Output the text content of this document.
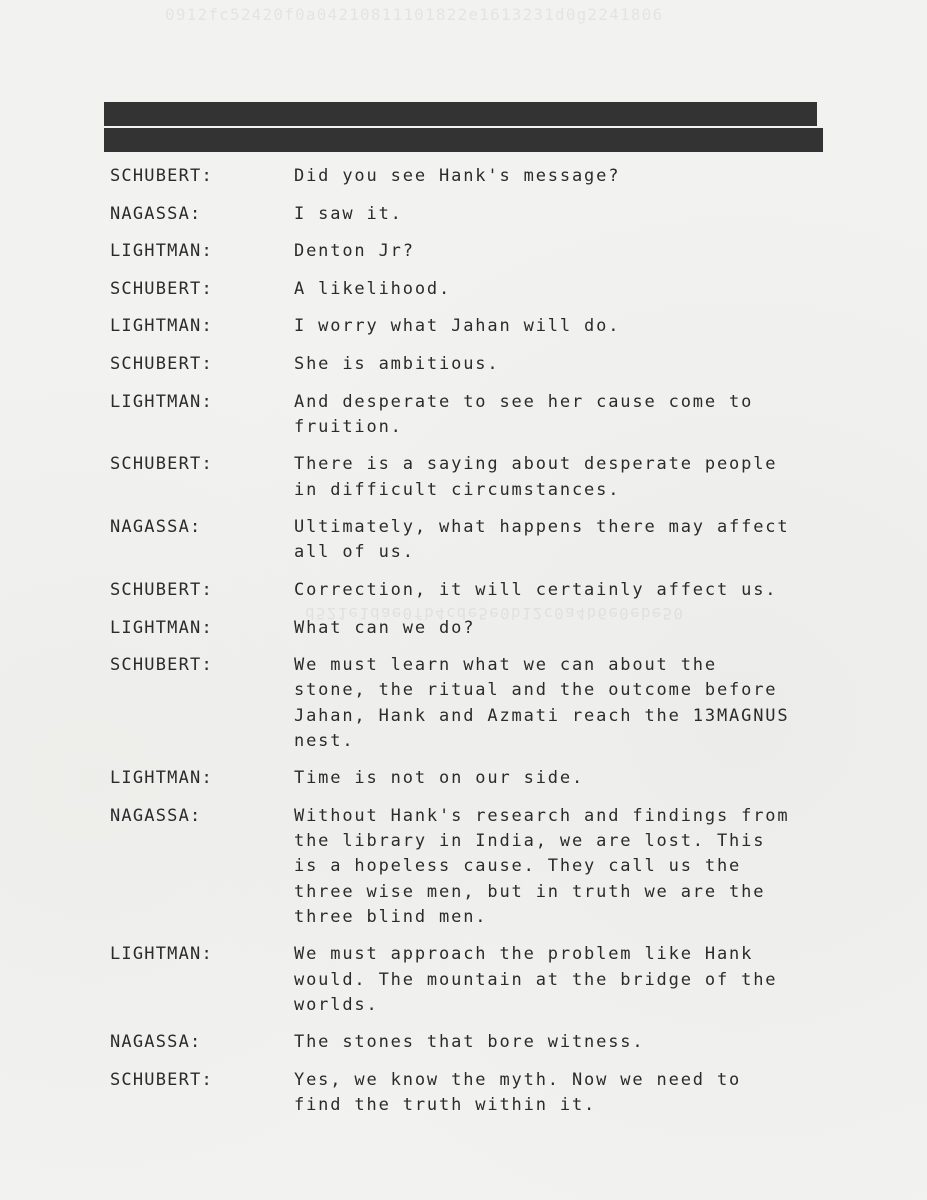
0912fc52420f0a04210811101822e1613231d0g2241806
d521e1dae0fb4cde5e0b12c0a4b6e0ebe50
SCHUBERT:	Did you see Hank's message?
NAGASSA:	I saw it.
LIGHTMAN:	Denton Jr?
SCHUBERT:	A likelihood.
LIGHTMAN:	I worry what Jahan will do.
SCHUBERT:	She is ambitious.
LIGHTMAN:	And desperate to see her cause come to
fruition.
SCHUBERT:	There is a saying about desperate people
in difficult circumstances.
NAGASSA:	Ultimately, what happens there may affect
all of us.
SCHUBERT:	Correction, it will certainly affect us.
LIGHTMAN:	What can we do?
SCHUBERT:	We must learn what we can about the
stone, the ritual and the outcome before
Jahan, Hank and Azmati reach the 13MAGNUS
nest.
LIGHTMAN:	Time is not on our side.
NAGASSA:	Without Hank's research and findings from
the library in India, we are lost. This
is a hopeless cause. They call us the
three wise men, but in truth we are the
three blind men.
LIGHTMAN:	We must approach the problem like Hank
would. The mountain at the bridge of the
worlds.
NAGASSA:	The stones that bore witness.
SCHUBERT:	Yes, we know the myth. Now we need to
find the truth within it.
